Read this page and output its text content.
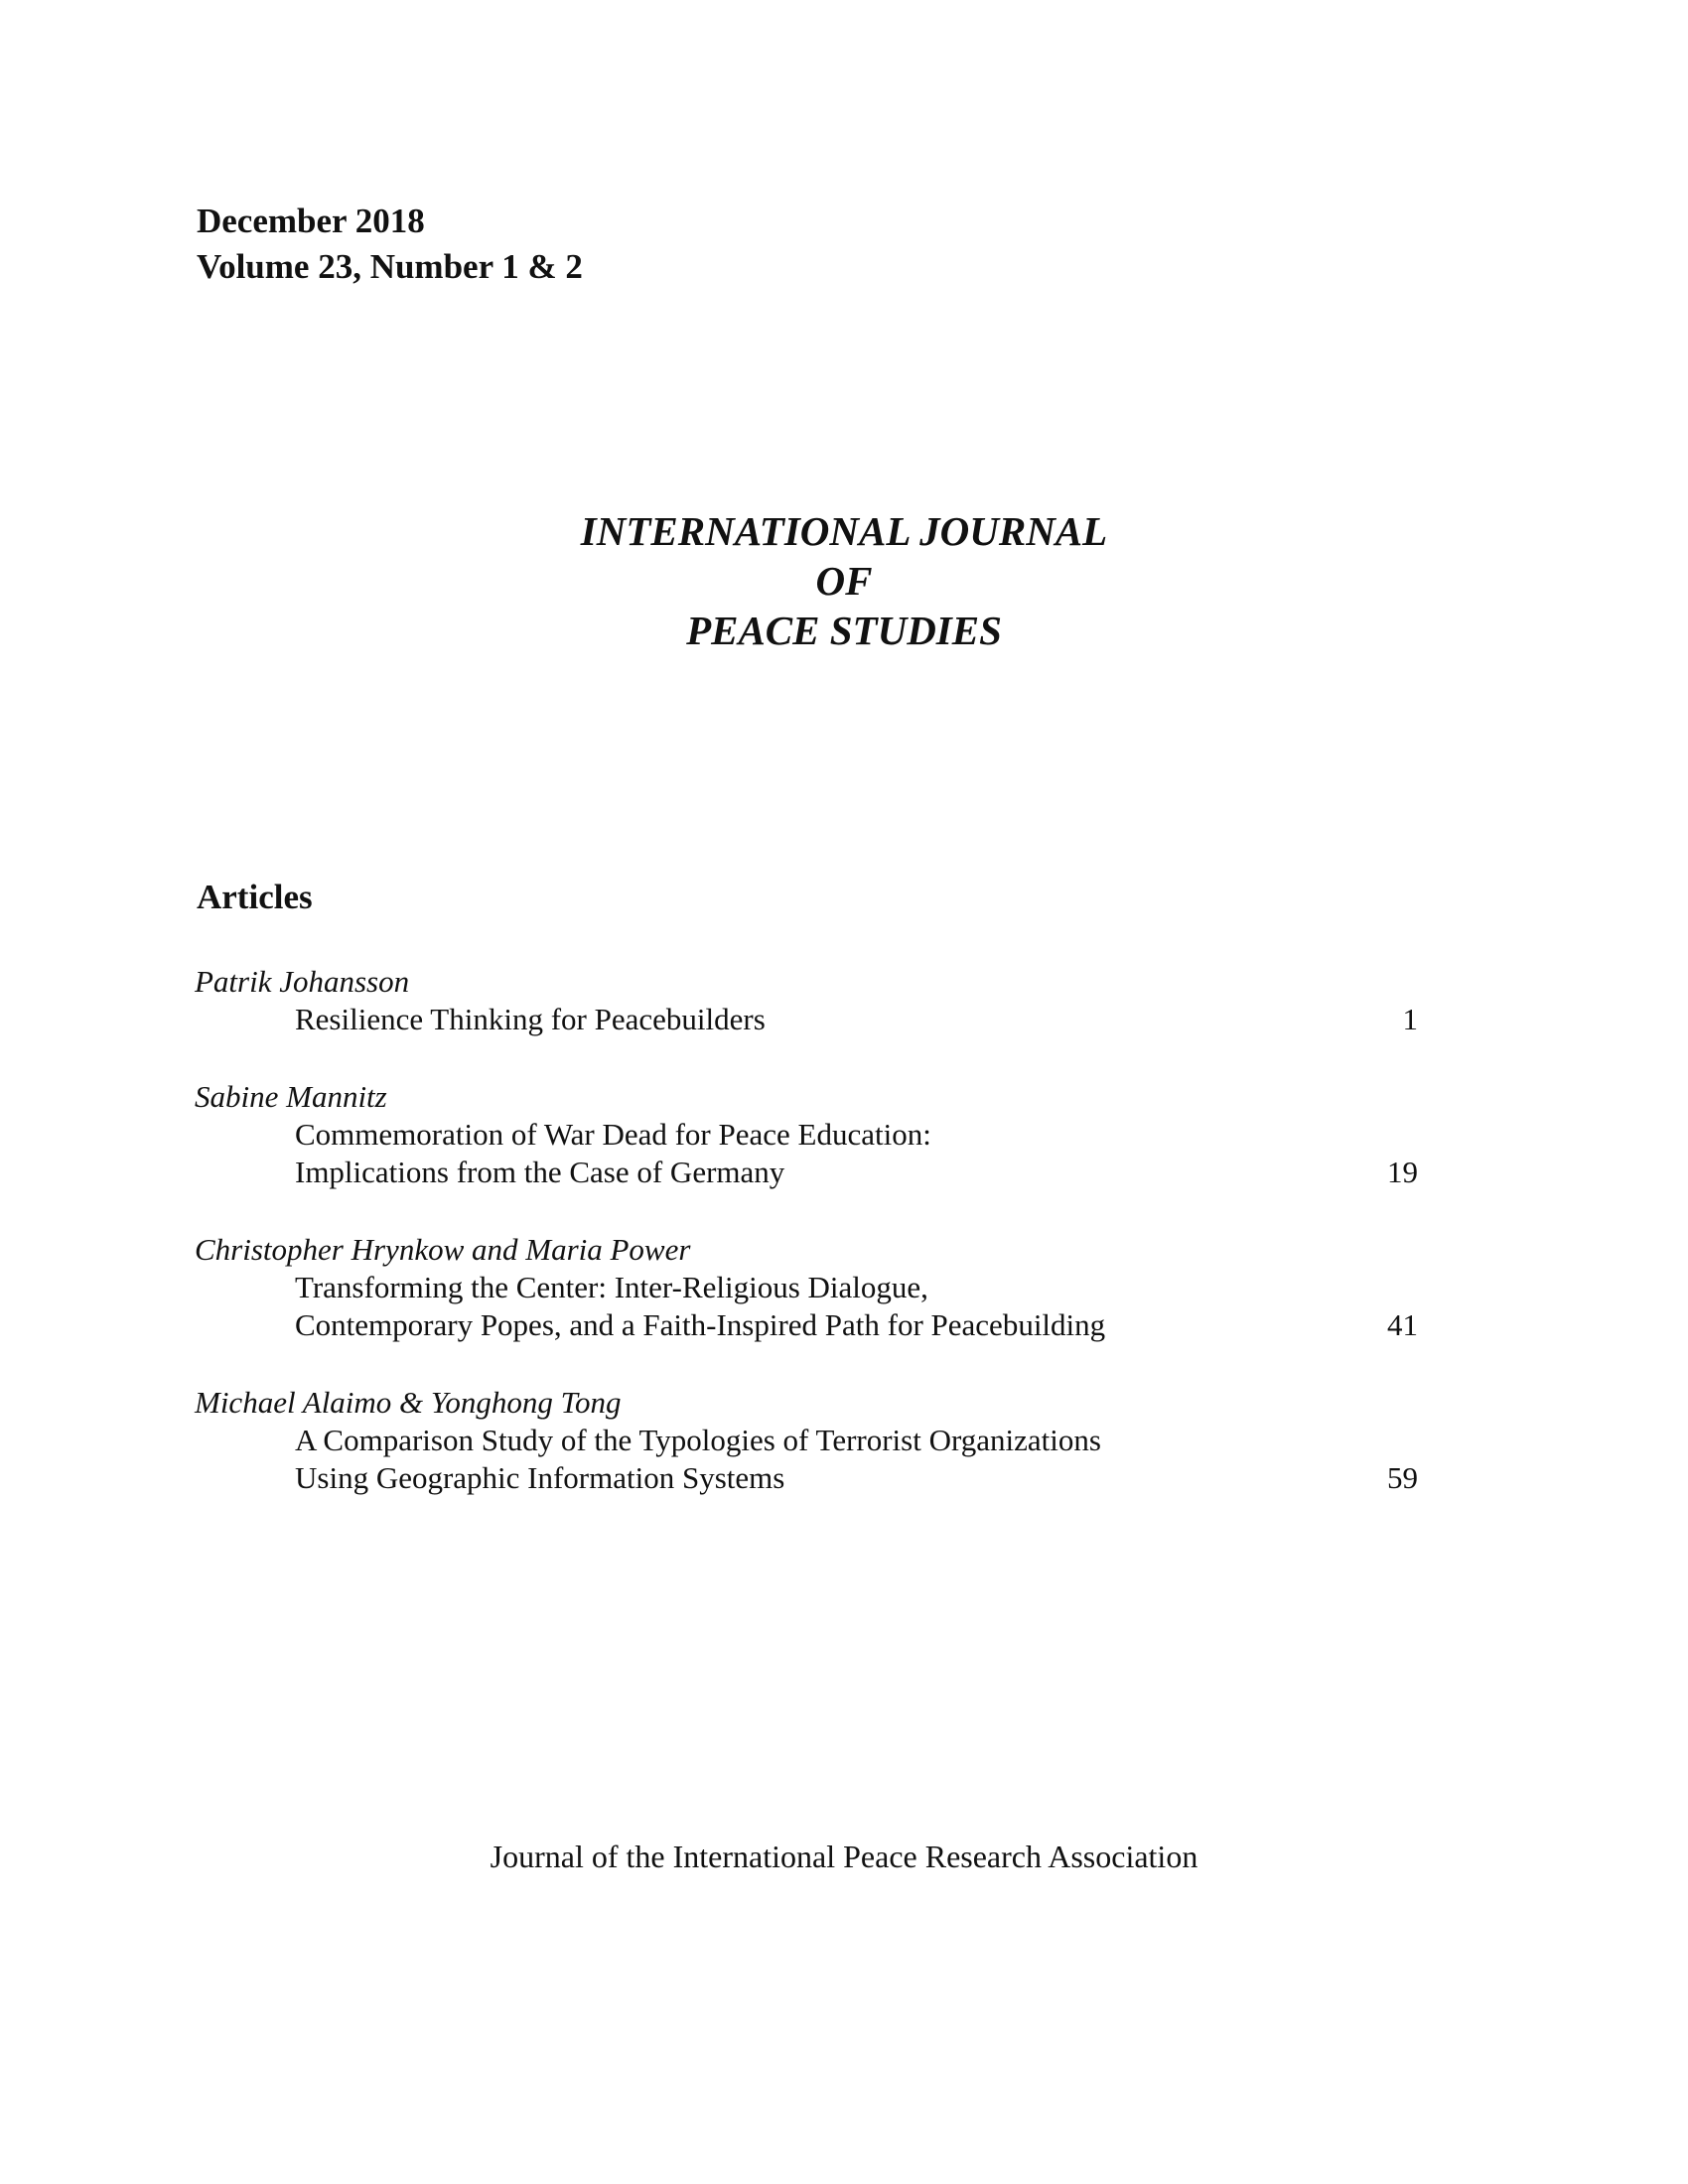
December 2018
Volume 23, Number 1 & 2
INTERNATIONAL JOURNAL
OF
PEACE STUDIES
Articles
Patrik Johansson
Resilience Thinking for Peacebuilders	1
Sabine Mannitz
Commemoration of War Dead for Peace Education:
Implications from the Case of Germany	19
Christopher Hrynkow and Maria Power
Transforming the Center: Inter-Religious Dialogue,
Contemporary Popes, and a Faith-Inspired Path for Peacebuilding	41
Michael Alaimo & Yonghong Tong
A Comparison Study of the Typologies of Terrorist Organizations
Using Geographic Information Systems	59
Journal of the International Peace Research Association
